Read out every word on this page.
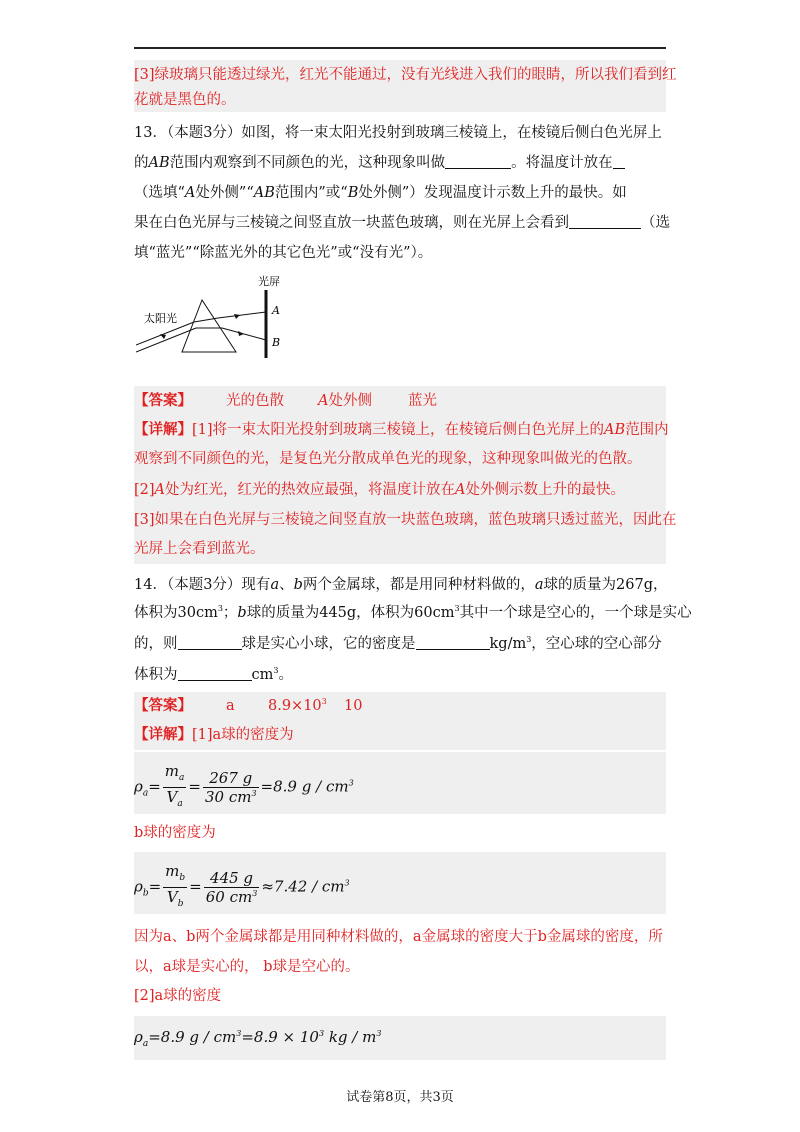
[3]绿玻璃只能透过绿光，红光不能通过，没有光线进入我们的眼睛，所以我们看到红
花就是黑色的。
13．（本题3分）如图，将一束太阳光投射到玻璃三棱镜上，在棱镜后侧白色光屏上
的AB范围内观察到不同颜色的光，这种现象叫做	。将温度计放在
（选填“A处外侧”“AB范围内”或“B处外侧”）发现温度计示数上升的最快。如
果在白色光屏与三棱镜之间竖直放一块蓝色玻璃，则在光屏上会看到	（选
填“蓝光”“除蓝光外的其它色光”或“没有光”）。
光屏
太阳光
A
B
【答案】 光的色散 A处外侧 蓝光
【详解】[1]将一束太阳光投射到玻璃三棱镜上，在棱镜后侧白色光屏上的AB范围内
观察到不同颜色的光，是复色光分散成单色光的现象，这种现象叫做光的色散。
[2]A处为红光，红光的热效应最强，将温度计放在A处外侧示数上升的最快。
[3]如果在白色光屏与三棱镜之间竖直放一块蓝色玻璃，蓝色玻璃只透过蓝光，因此在
光屏上会看到蓝光。
14．（本题3分）现有a、b两个金属球，都是用同种材料做的，a球的质量为267g，
体积为$30cm^3$；b球的质量为445g，体积为$60cm^3$其中一个球是空心的，一个球是实心
的，则	球是实心小球，它的密度是	$kg/m^3$，空心球的空心部分
体积为	$cm^3$。
【答案】 a $8.9\times 10^3$ 10
【详解】[1]a球的密度为
$\rho_a= \frac{m_a}{V_a} = \frac{267 g}{30 cm^3} =8.9$ g / $cm^3$
b球的密度为
$\rho_b= \frac{m_b}{V_b} = \frac{445 g}{60 cm^3} \approx 7.42 / cm^3$
因为a、b两个金属球都是用同种材料做的，a金属球的密度大于b金属球的密度，所
以，a球是实心的， b球是空心的。
[2]a球的密度
$\rho_a=8.9$ $g / cm^3=8.9 \times 10^3$ kg / $m^3$
试卷第8页，共3页
